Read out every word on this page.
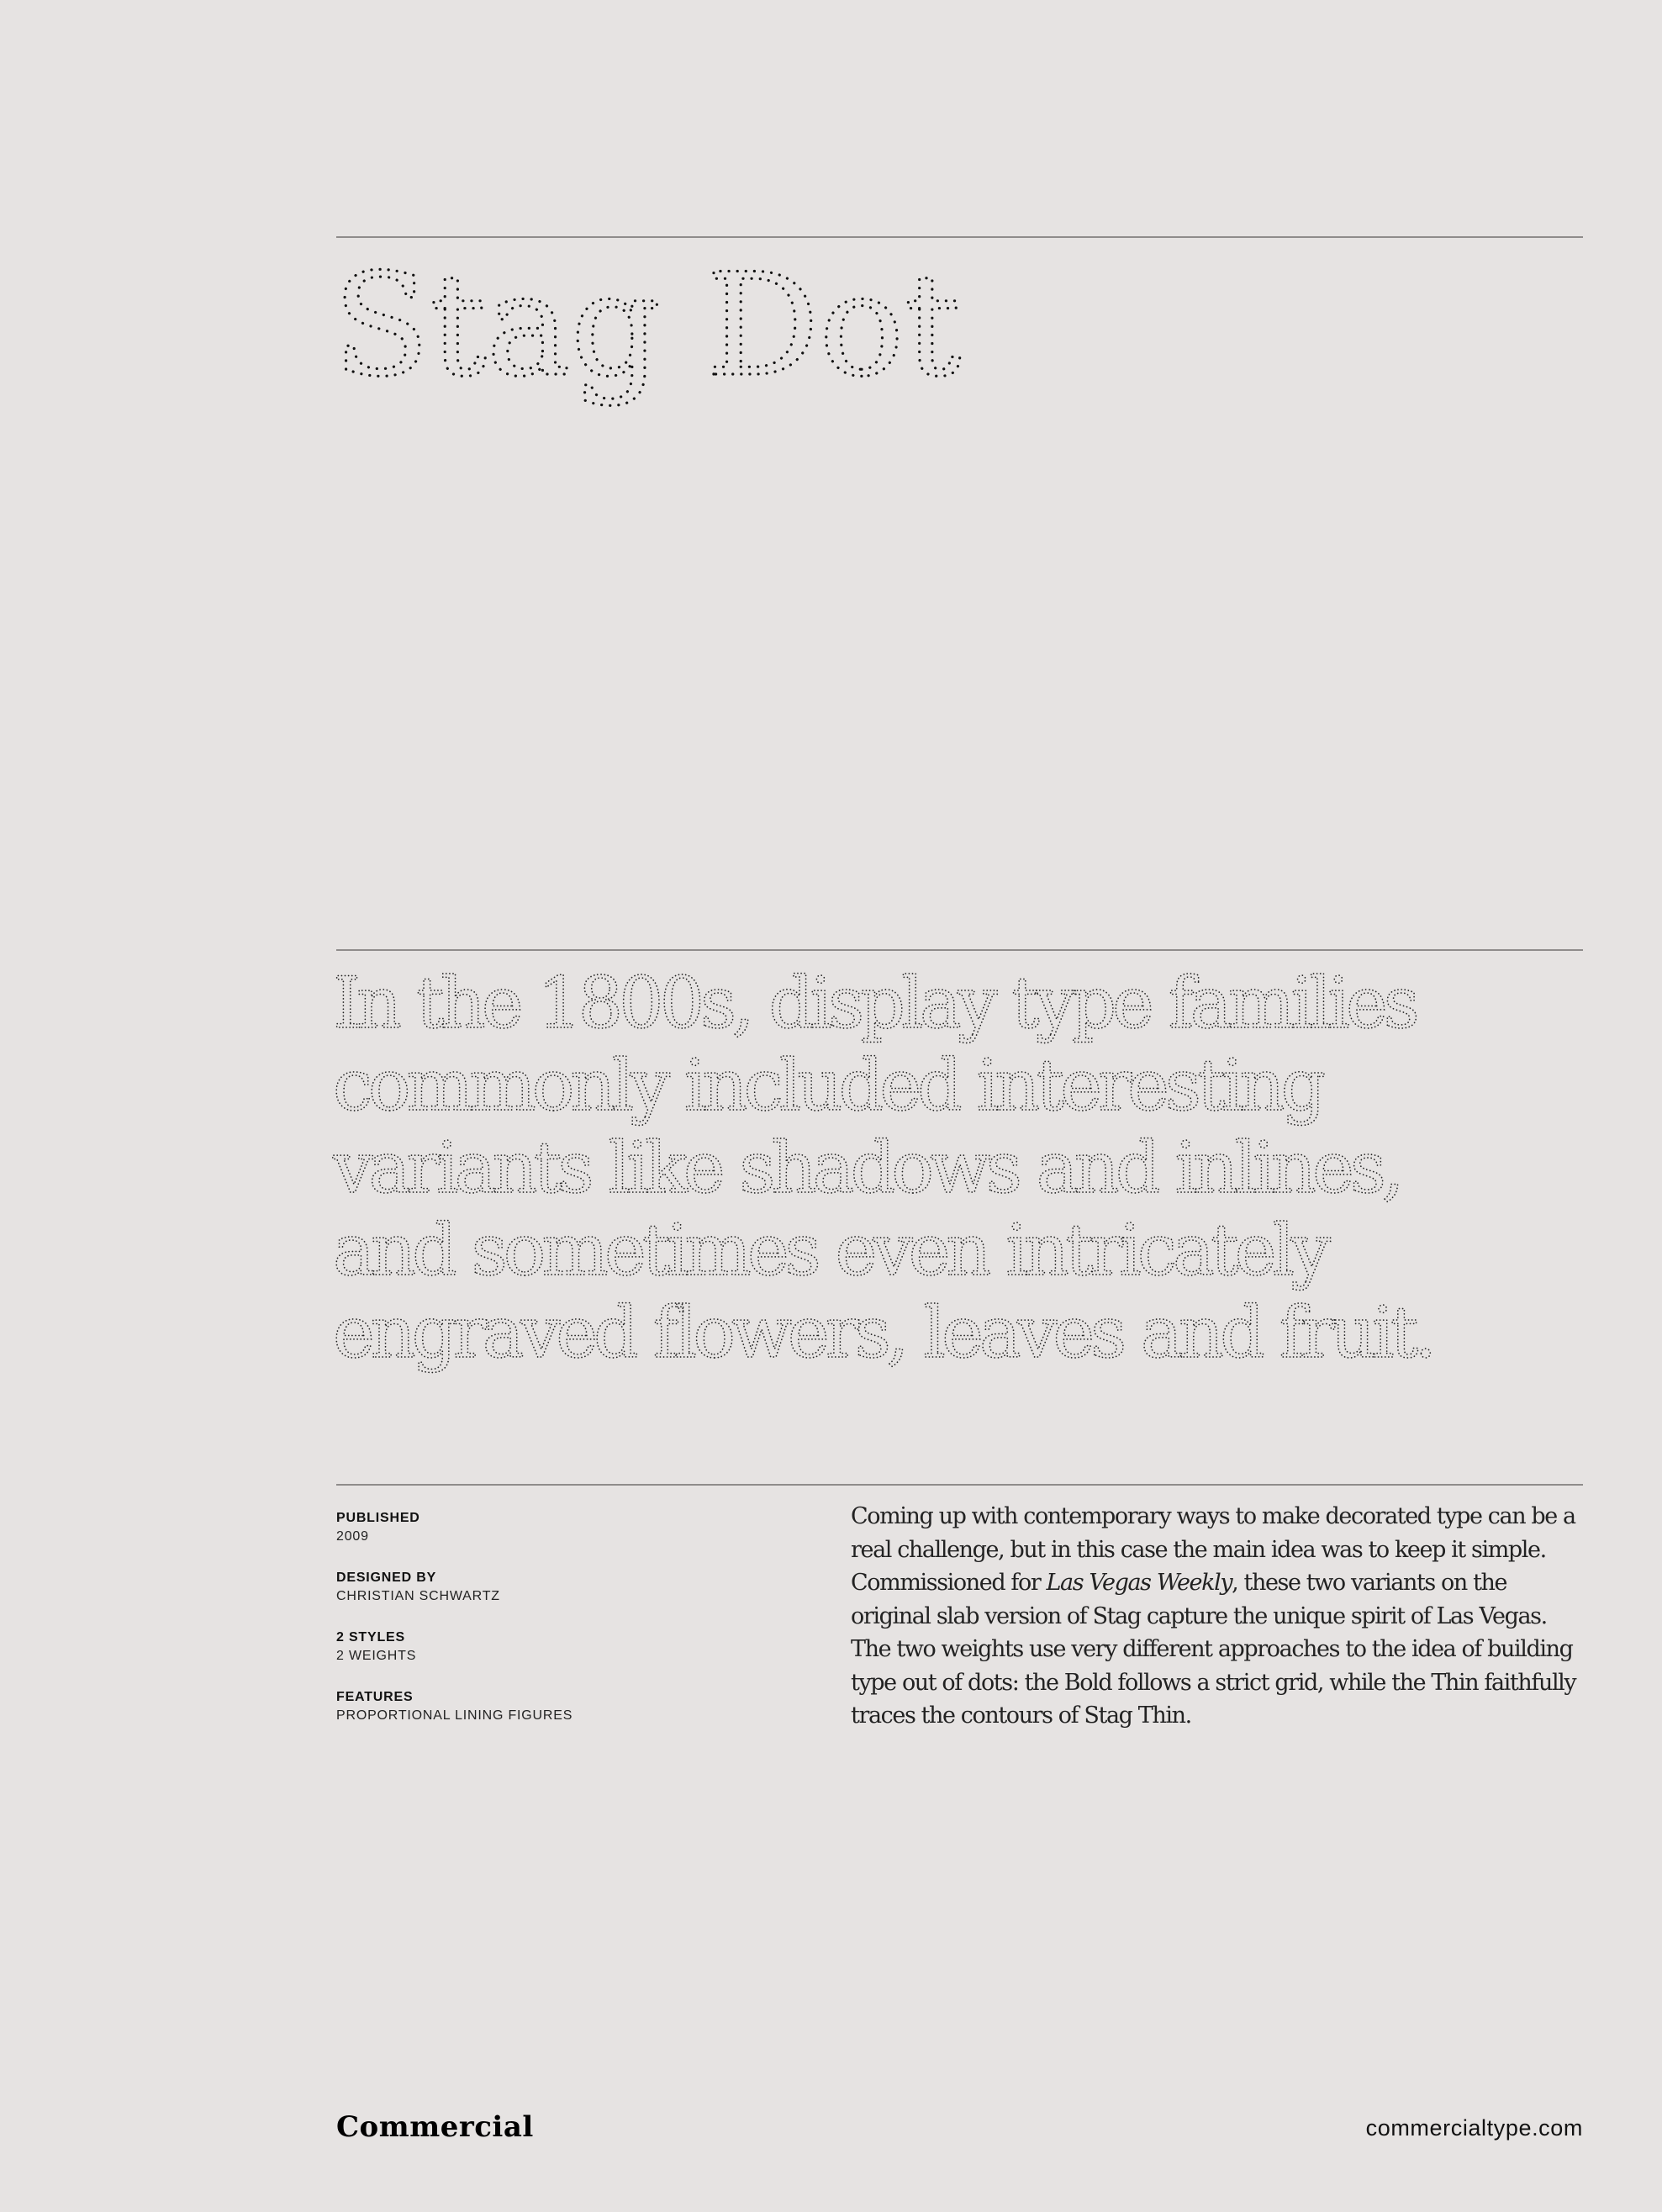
Stag Dot
In the 1800s, display type families
commonly included interesting
variants like shadows and inlines,
and sometimes even intricately
engraved flowers, leaves and fruit.
PUBLISHED
2009
DESIGNED BY
CHRISTIAN SCHWARTZ
2 STYLES
2 WEIGHTS
FEATURES
PROPORTIONAL LINING FIGURES

Coming up with contemporary ways to make decorated type can be a real challenge, but in this case the main idea was to keep it simple. Commissioned for Las Vegas Weekly, these two variants on the original slab version of Stag capture the unique spirit of Las Vegas. The two weights use very different approaches to the idea of building type out of dots: the Bold follows a strict grid, while the Thin faithfully traces the contours of Stag Thin.

Commercial	commercialtype.com
